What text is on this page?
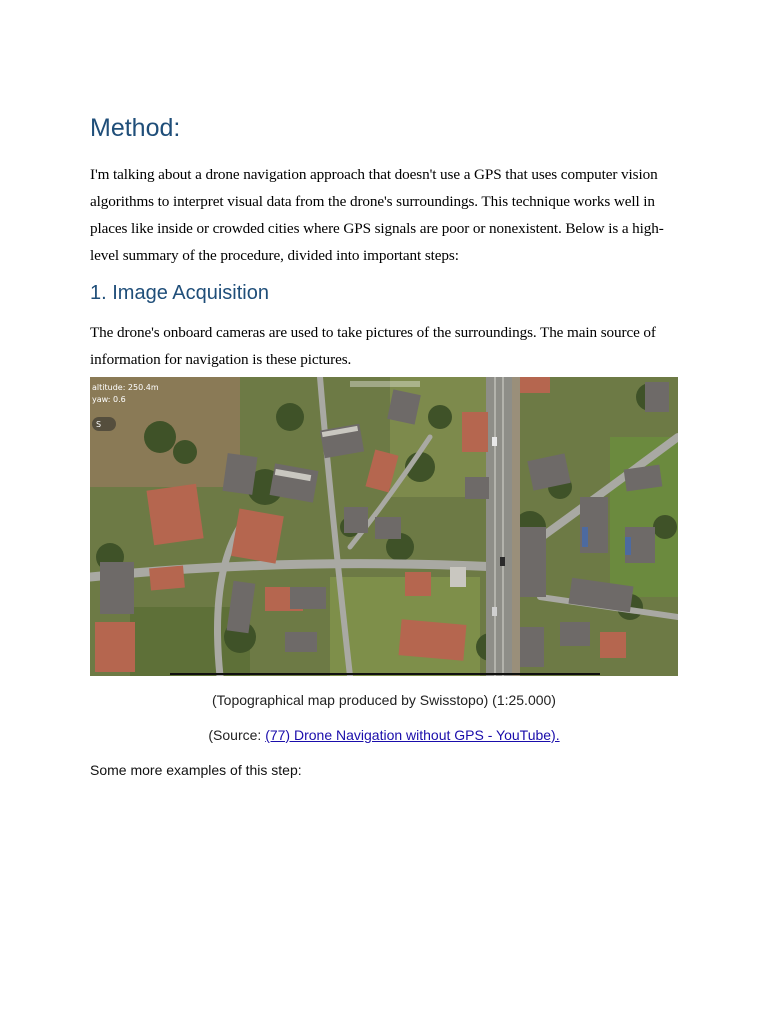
Method:

I'm talking about a drone navigation approach that doesn't use a GPS that uses computer vision
algorithms to interpret visual data from the drone's surroundings. This technique works well in
places like inside or crowded cities where GPS signals are poor or nonexistent. Below is a high-
level summary of the procedure, divided into important steps:

1. Image Acquisition

The drone's onboard cameras are used to take pictures of the surroundings. The main source of
information for navigation is these pictures.

altitude: 250.4m
yaw: 0.6
S
(Topographical map produced by Swisstopo) (1:25.000)
(Source: (77) Drone Navigation without GPS - YouTube).
Some more examples of this step:
